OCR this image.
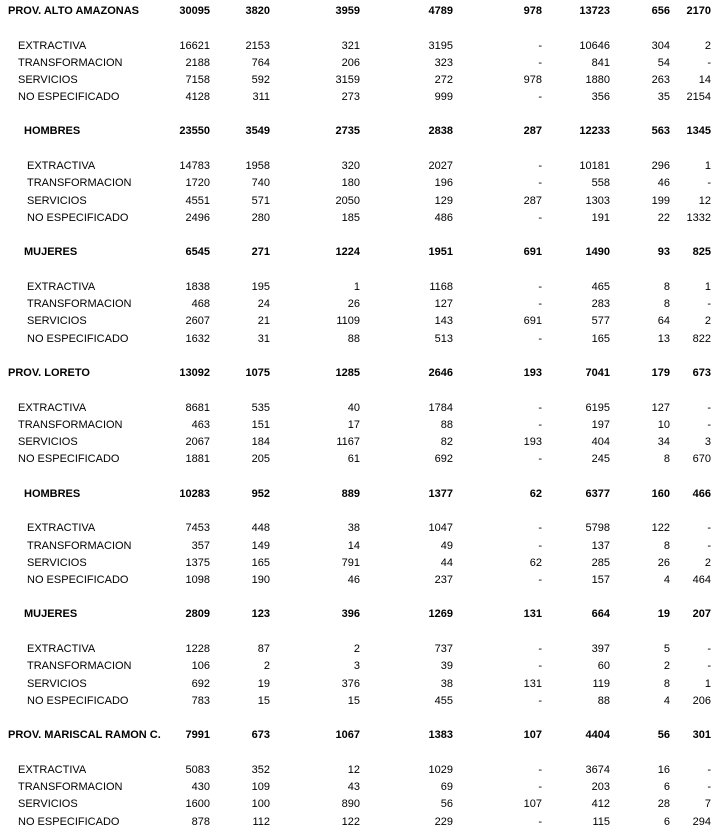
PROV. ALTO AMAZONAS	30095	3820	3959	4789	978	13723	656	2170
EXTRACTIVA	16621	2153	321	3195	-	10646	304	2
TRANSFORMACION	2188	764	206	323	-	841	54	-
SERVICIOS	7158	592	3159	272	978	1880	263	14
NO ESPECIFICADO	4128	311	273	999	-	356	35	2154
HOMBRES	23550	3549	2735	2838	287	12233	563	1345
EXTRACTIVA	14783	1958	320	2027	-	10181	296	1
TRANSFORMACION	1720	740	180	196	-	558	46	-
SERVICIOS	4551	571	2050	129	287	1303	199	12
NO ESPECIFICADO	2496	280	185	486	-	191	22	1332
MUJERES	6545	271	1224	1951	691	1490	93	825
EXTRACTIVA	1838	195	1	1168	-	465	8	1
TRANSFORMACION	468	24	26	127	-	283	8	-
SERVICIOS	2607	21	1109	143	691	577	64	2
NO ESPECIFICADO	1632	31	88	513	-	165	13	822
PROV. LORETO	13092	1075	1285	2646	193	7041	179	673
EXTRACTIVA	8681	535	40	1784	-	6195	127	-
TRANSFORMACION	463	151	17	88	-	197	10	-
SERVICIOS	2067	184	1167	82	193	404	34	3
NO ESPECIFICADO	1881	205	61	692	-	245	8	670
HOMBRES	10283	952	889	1377	62	6377	160	466
EXTRACTIVA	7453	448	38	1047	-	5798	122	-
TRANSFORMACION	357	149	14	49	-	137	8	-
SERVICIOS	1375	165	791	44	62	285	26	2
NO ESPECIFICADO	1098	190	46	237	-	157	4	464
MUJERES	2809	123	396	1269	131	664	19	207
EXTRACTIVA	1228	87	2	737	-	397	5	-
TRANSFORMACION	106	2	3	39	-	60	2	-
SERVICIOS	692	19	376	38	131	119	8	1
NO ESPECIFICADO	783	15	15	455	-	88	4	206
PROV. MARISCAL RAMON C.	7991	673	1067	1383	107	4404	56	301
EXTRACTIVA	5083	352	12	1029	-	3674	16	-
TRANSFORMACION	430	109	43	69	-	203	6	-
SERVICIOS	1600	100	890	56	107	412	28	7
NO ESPECIFICADO	878	112	122	229	-	115	6	294
